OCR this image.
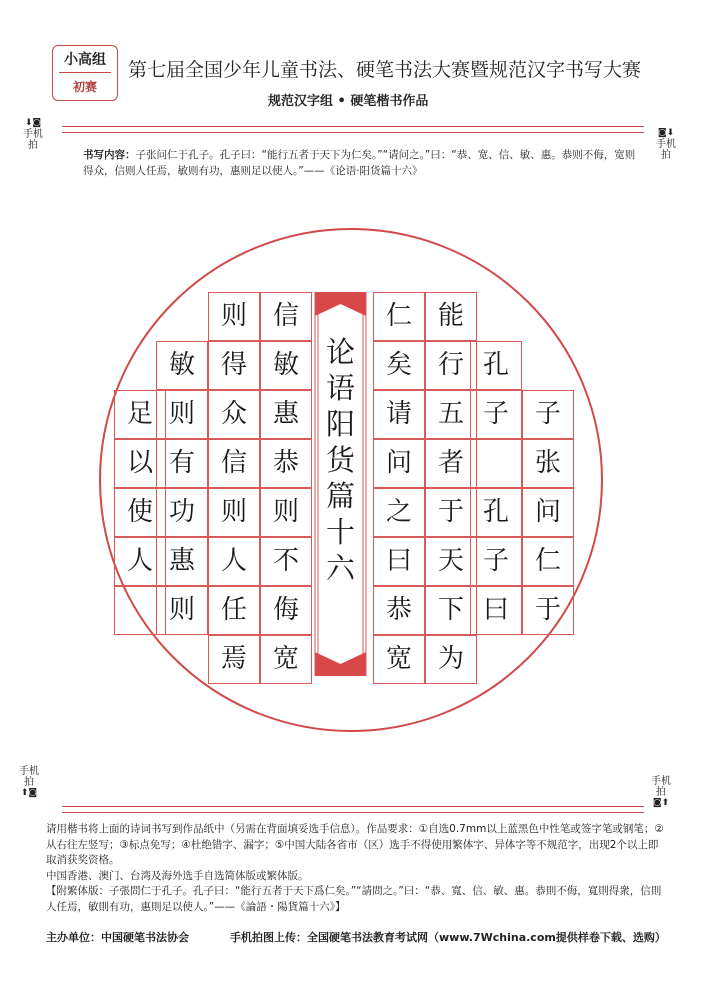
小高组
初赛
第七届全国少年儿童书法、硬笔书法大赛暨规范汉字书写大赛
规范汉字组 • 硬笔楷书作品
⬇◙
手机拍
◙⬇
手机拍
书写内容：子张问仁于孔子。孔子曰：“能行五者于天下为仁矣。”“请问之。”曰：“恭、宽、信、敏、惠。恭则不侮，宽则得众，信则人任焉，敏则有功，惠则足以使人。”——《论语·阳货篇十六》
子
张
问
仁
于
孔
子
孔
子
曰
能
行
五
者
于
天
下
为
仁
矣
请
问
之
曰
恭
宽
信
敏
惠
恭
则
不
侮
宽
则
得
众
信
则
人
任
焉
敏
则
有
功
惠
则
足
以
使
人
论
语
阳
货
篇
十
六
手机拍
⬆◙
手机拍
◙⬆
请用楷书将上面的诗词书写到作品纸中（另需在背面填妥选手信息）。作品要求：①自选0.7mm以上蓝黑色中性笔或签字笔或钢笔；②从右往左竖写；③标点免写；④杜绝错字、漏字；⑤中国大陆各省市（区）选手不得使用繁体字、异体字等不规范字，出现2个以上即取消获奖资格。
中国香港、澳门、台湾及海外选手自选简体版或繁体版。
【附繁体版：子張問仁于孔子。孔子曰：“能行五者于天下爲仁矣。”“請問之。”曰：“恭、寬、信、敏、惠。恭則不侮，寬則得衆，信則人任焉，敏則有功，惠則足以使人。”——《論語・陽貨篇十六》】
主办单位：中国硬笔书法协会	手机拍图上传：全国硬笔书法教育考试网（www.7Wchina.com提供样卷下载、选购）
